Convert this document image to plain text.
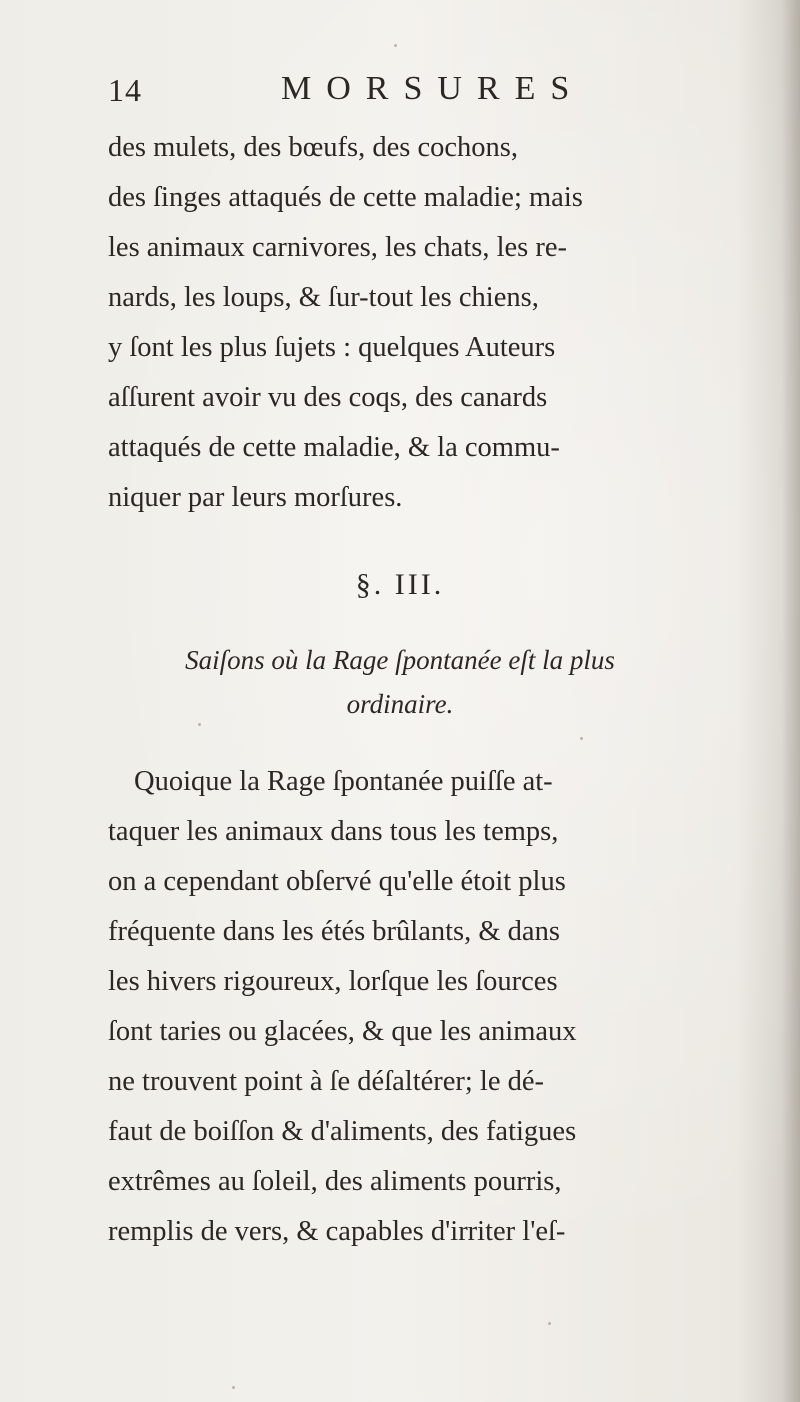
14	MORSURES
des mulets, des bœufs, des cochons,
des ſinges attaqués de cette maladie; mais
les animaux carnivores, les chats, les re-
nards, les loups, & ſur-tout les chiens,
y ſont les plus ſujets : quelques Auteurs
aſſurent avoir vu des coqs, des canards
attaqués de cette maladie, & la commu-
niquer par leurs morſures.
§. III.
Saiſons où la Rage ſpontanée eſt la plus
ordinaire.
Quoique la Rage ſpontanée puiſſe at-
taquer les animaux dans tous les temps,
on a cependant obſervé qu'elle étoit plus
fréquente dans les étés brûlants, & dans
les hivers rigoureux, lorſque les ſources
ſont taries ou glacées, & que les animaux
ne trouvent point à ſe déſaltérer; le dé-
faut de boiſſon & d'aliments, des fatigues
extrêmes au ſoleil, des aliments pourris,
remplis de vers, & capables d'irriter l'eſ-
